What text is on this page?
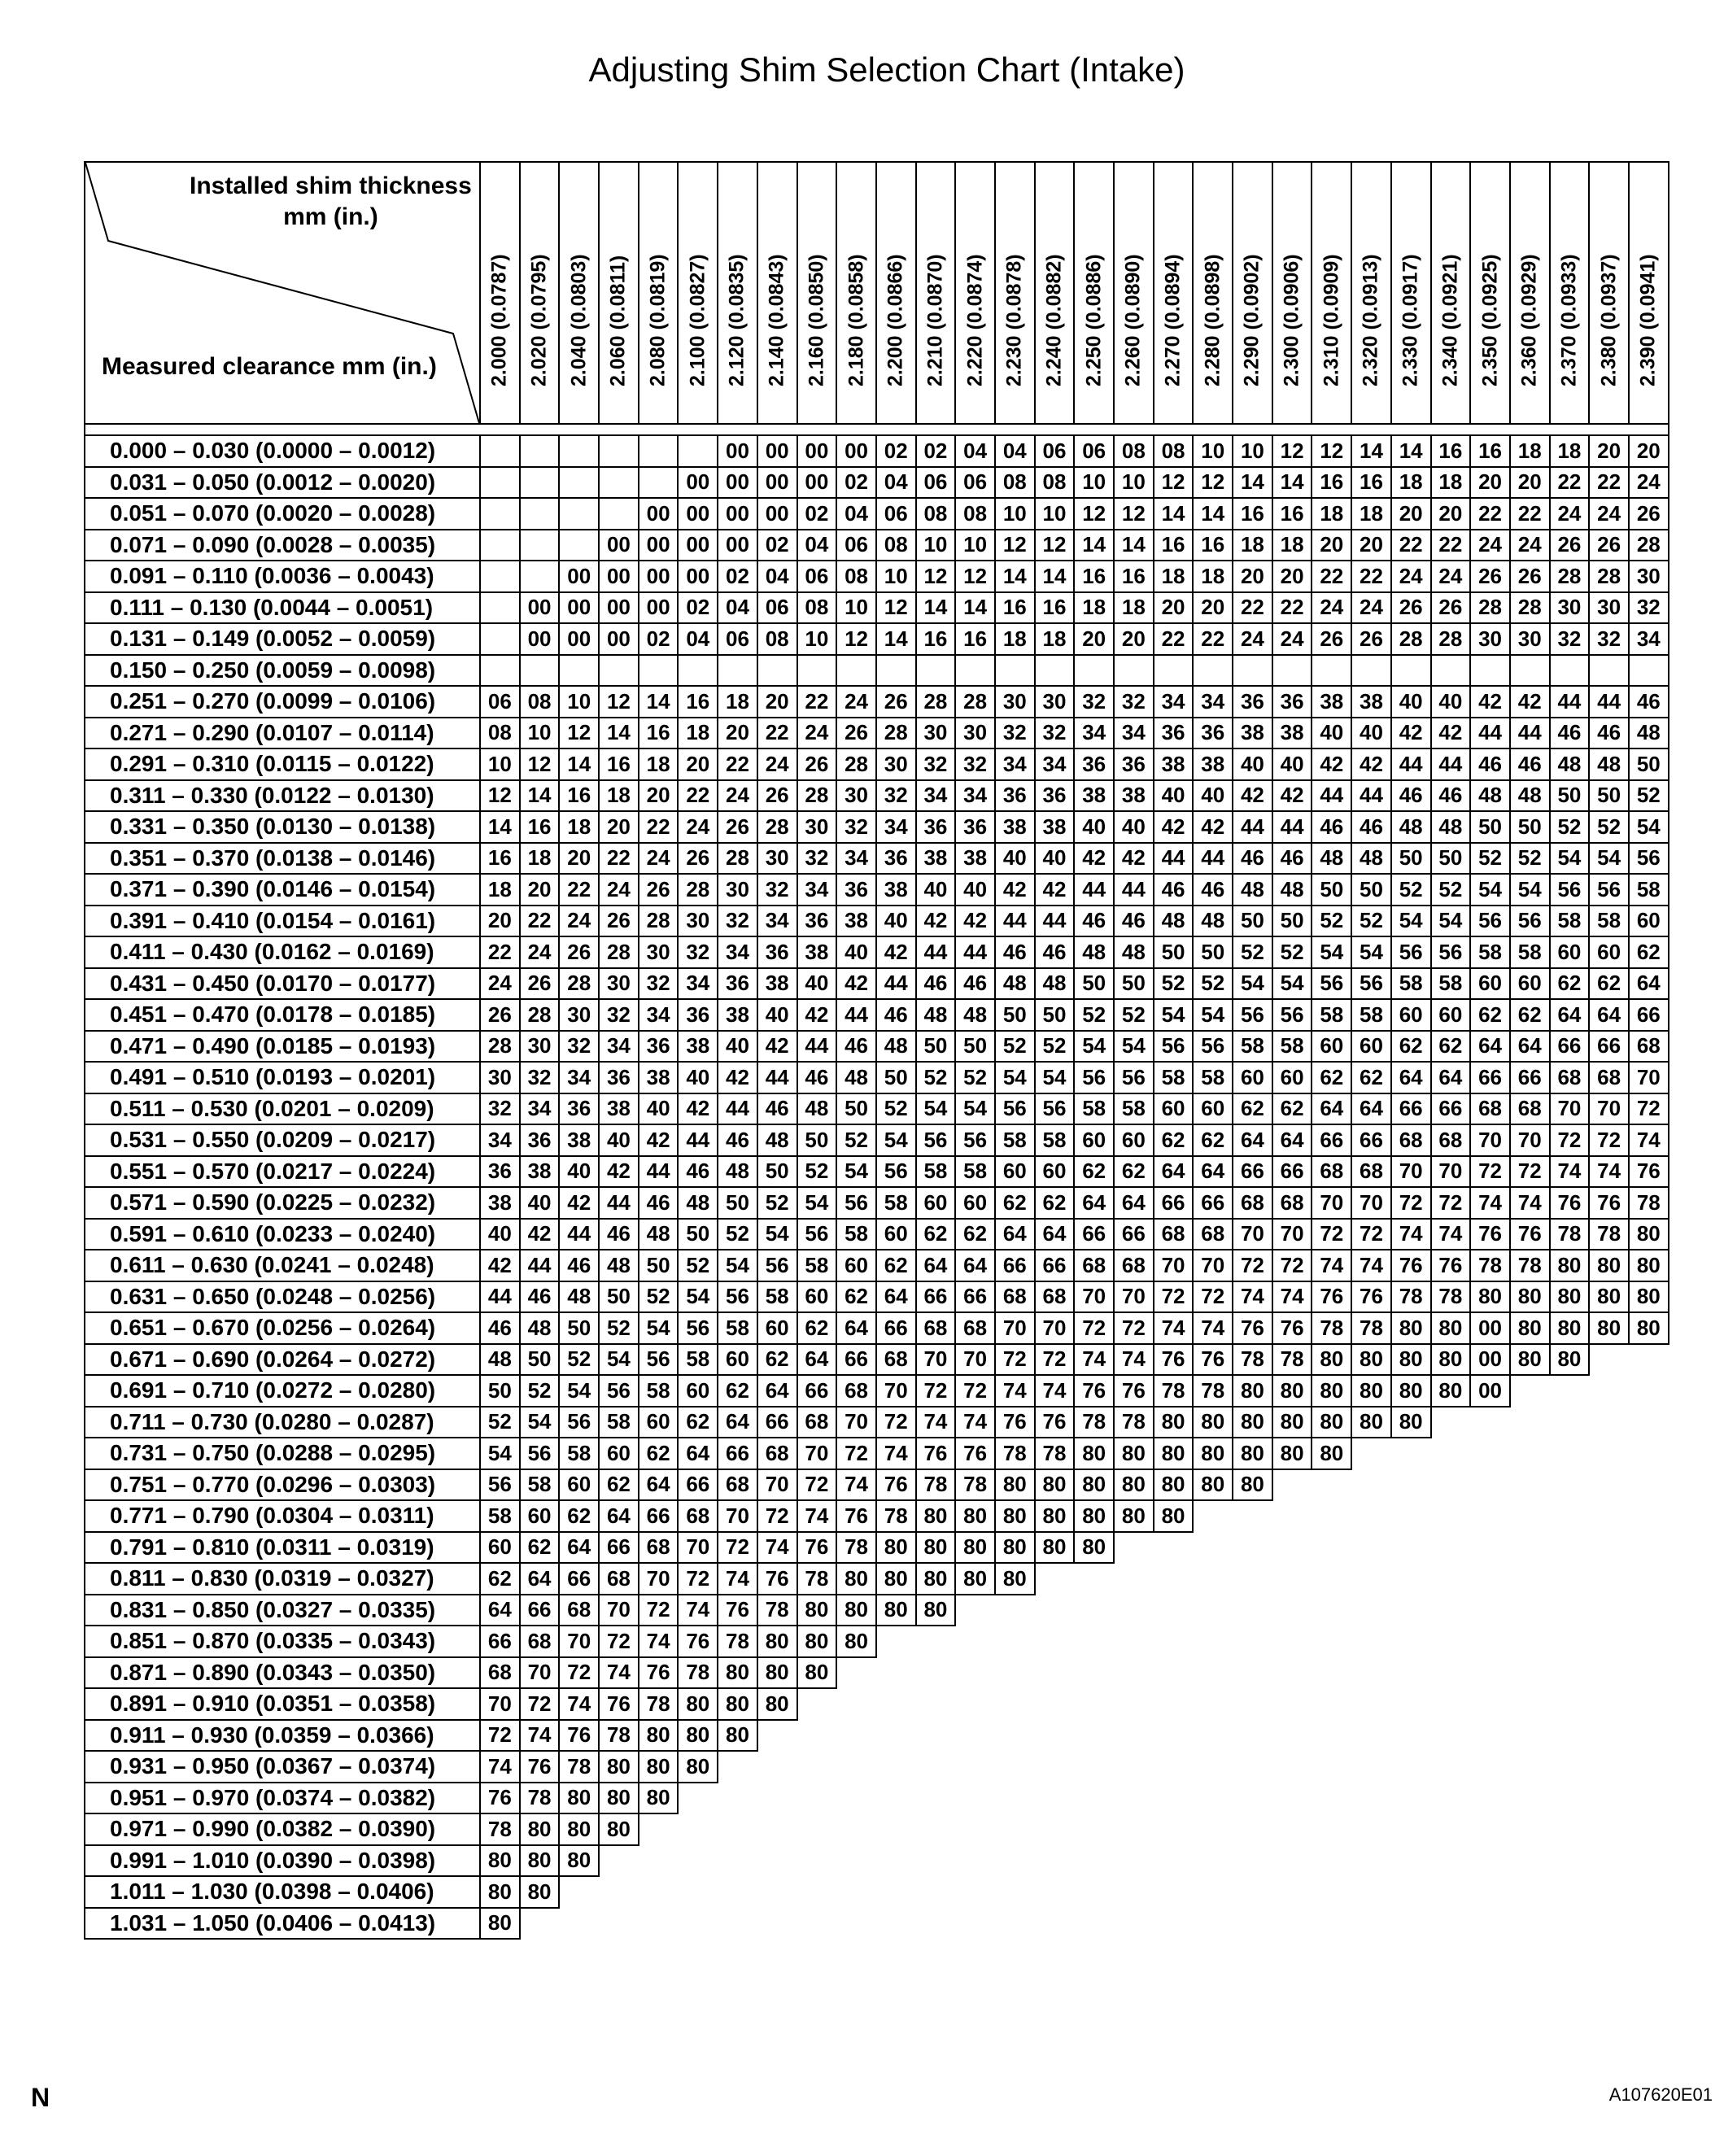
Adjusting Shim Selection Chart (Intake)
Installed shim thickness
mm (in.)
Measured clearance mm (in.)	2.000 (0.0787)	2.020 (0.0795)	2.040 (0.0803)	2.060 (0.0811)	2.080 (0.0819)	2.100 (0.0827)	2.120 (0.0835)	2.140 (0.0843)	2.160 (0.0850)	2.180 (0.0858)	2.200 (0.0866)	2.210 (0.0870)	2.220 (0.0874)	2.230 (0.0878)	2.240 (0.0882)	2.250 (0.0886)	2.260 (0.0890)	2.270 (0.0894)	2.280 (0.0898)	2.290 (0.0902)	2.300 (0.0906)	2.310 (0.0909)	2.320 (0.0913)	2.330 (0.0917)	2.340 (0.0921)	2.350 (0.0925)	2.360 (0.0929)	2.370 (0.0933)	2.380 (0.0937)	2.390 (0.0941)

0.000 – 0.030 (0.0000 – 0.0012)							00	00	00	00	02	02	04	04	06	06	08	08	10	10	12	12	14	14	16	16	18	18	20	20
0.031 – 0.050 (0.0012 – 0.0020)						00	00	00	00	02	04	06	06	08	08	10	10	12	12	14	14	16	16	18	18	20	20	22	22	24
0.051 – 0.070 (0.0020 – 0.0028)					00	00	00	00	02	04	06	08	08	10	10	12	12	14	14	16	16	18	18	20	20	22	22	24	24	26
0.071 – 0.090 (0.0028 – 0.0035)				00	00	00	00	02	04	06	08	10	10	12	12	14	14	16	16	18	18	20	20	22	22	24	24	26	26	28
0.091 – 0.110 (0.0036 – 0.0043)			00	00	00	00	02	04	06	08	10	12	12	14	14	16	16	18	18	20	20	22	22	24	24	26	26	28	28	30
0.111 – 0.130 (0.0044 – 0.0051)		00	00	00	00	02	04	06	08	10	12	14	14	16	16	18	18	20	20	22	22	24	24	26	26	28	28	30	30	32
0.131 – 0.149 (0.0052 – 0.0059)		00	00	00	02	04	06	08	10	12	14	16	16	18	18	20	20	22	22	24	24	26	26	28	28	30	30	32	32	34
0.150 – 0.250 (0.0059 – 0.0098)																														
0.251 – 0.270 (0.0099 – 0.0106)	06	08	10	12	14	16	18	20	22	24	26	28	28	30	30	32	32	34	34	36	36	38	38	40	40	42	42	44	44	46
0.271 – 0.290 (0.0107 – 0.0114)	08	10	12	14	16	18	20	22	24	26	28	30	30	32	32	34	34	36	36	38	38	40	40	42	42	44	44	46	46	48
0.291 – 0.310 (0.0115 – 0.0122)	10	12	14	16	18	20	22	24	26	28	30	32	32	34	34	36	36	38	38	40	40	42	42	44	44	46	46	48	48	50
0.311 – 0.330 (0.0122 – 0.0130)	12	14	16	18	20	22	24	26	28	30	32	34	34	36	36	38	38	40	40	42	42	44	44	46	46	48	48	50	50	52
0.331 – 0.350 (0.0130 – 0.0138)	14	16	18	20	22	24	26	28	30	32	34	36	36	38	38	40	40	42	42	44	44	46	46	48	48	50	50	52	52	54
0.351 – 0.370 (0.0138 – 0.0146)	16	18	20	22	24	26	28	30	32	34	36	38	38	40	40	42	42	44	44	46	46	48	48	50	50	52	52	54	54	56
0.371 – 0.390 (0.0146 – 0.0154)	18	20	22	24	26	28	30	32	34	36	38	40	40	42	42	44	44	46	46	48	48	50	50	52	52	54	54	56	56	58
0.391 – 0.410 (0.0154 – 0.0161)	20	22	24	26	28	30	32	34	36	38	40	42	42	44	44	46	46	48	48	50	50	52	52	54	54	56	56	58	58	60
0.411 – 0.430 (0.0162 – 0.0169)	22	24	26	28	30	32	34	36	38	40	42	44	44	46	46	48	48	50	50	52	52	54	54	56	56	58	58	60	60	62
0.431 – 0.450 (0.0170 – 0.0177)	24	26	28	30	32	34	36	38	40	42	44	46	46	48	48	50	50	52	52	54	54	56	56	58	58	60	60	62	62	64
0.451 – 0.470 (0.0178 – 0.0185)	26	28	30	32	34	36	38	40	42	44	46	48	48	50	50	52	52	54	54	56	56	58	58	60	60	62	62	64	64	66
0.471 – 0.490 (0.0185 – 0.0193)	28	30	32	34	36	38	40	42	44	46	48	50	50	52	52	54	54	56	56	58	58	60	60	62	62	64	64	66	66	68
0.491 – 0.510 (0.0193 – 0.0201)	30	32	34	36	38	40	42	44	46	48	50	52	52	54	54	56	56	58	58	60	60	62	62	64	64	66	66	68	68	70
0.511 – 0.530 (0.0201 – 0.0209)	32	34	36	38	40	42	44	46	48	50	52	54	54	56	56	58	58	60	60	62	62	64	64	66	66	68	68	70	70	72
0.531 – 0.550 (0.0209 – 0.0217)	34	36	38	40	42	44	46	48	50	52	54	56	56	58	58	60	60	62	62	64	64	66	66	68	68	70	70	72	72	74
0.551 – 0.570 (0.0217 – 0.0224)	36	38	40	42	44	46	48	50	52	54	56	58	58	60	60	62	62	64	64	66	66	68	68	70	70	72	72	74	74	76
0.571 – 0.590 (0.0225 – 0.0232)	38	40	42	44	46	48	50	52	54	56	58	60	60	62	62	64	64	66	66	68	68	70	70	72	72	74	74	76	76	78
0.591 – 0.610 (0.0233 – 0.0240)	40	42	44	46	48	50	52	54	56	58	60	62	62	64	64	66	66	68	68	70	70	72	72	74	74	76	76	78	78	80
0.611 – 0.630 (0.0241 – 0.0248)	42	44	46	48	50	52	54	56	58	60	62	64	64	66	66	68	68	70	70	72	72	74	74	76	76	78	78	80	80	80
0.631 – 0.650 (0.0248 – 0.0256)	44	46	48	50	52	54	56	58	60	62	64	66	66	68	68	70	70	72	72	74	74	76	76	78	78	80	80	80	80	80
0.651 – 0.670 (0.0256 – 0.0264)	46	48	50	52	54	56	58	60	62	64	66	68	68	70	70	72	72	74	74	76	76	78	78	80	80	00	80	80	80	80
0.671 – 0.690 (0.0264 – 0.0272)	48	50	52	54	56	58	60	62	64	66	68	70	70	72	72	74	74	76	76	78	78	80	80	80	80	00	80	80		
0.691 – 0.710 (0.0272 – 0.0280)	50	52	54	56	58	60	62	64	66	68	70	72	72	74	74	76	76	78	78	80	80	80	80	80	80	00				
0.711 – 0.730 (0.0280 – 0.0287)	52	54	56	58	60	62	64	66	68	70	72	74	74	76	76	78	78	80	80	80	80	80	80	80						
0.731 – 0.750 (0.0288 – 0.0295)	54	56	58	60	62	64	66	68	70	72	74	76	76	78	78	80	80	80	80	80	80	80								
0.751 – 0.770 (0.0296 – 0.0303)	56	58	60	62	64	66	68	70	72	74	76	78	78	80	80	80	80	80	80	80										
0.771 – 0.790 (0.0304 – 0.0311)	58	60	62	64	66	68	70	72	74	76	78	80	80	80	80	80	80	80												
0.791 – 0.810 (0.0311 – 0.0319)	60	62	64	66	68	70	72	74	76	78	80	80	80	80	80	80														
0.811 – 0.830 (0.0319 – 0.0327)	62	64	66	68	70	72	74	76	78	80	80	80	80	80																
0.831 – 0.850 (0.0327 – 0.0335)	64	66	68	70	72	74	76	78	80	80	80	80																		
0.851 – 0.870 (0.0335 – 0.0343)	66	68	70	72	74	76	78	80	80	80																				
0.871 – 0.890 (0.0343 – 0.0350)	68	70	72	74	76	78	80	80	80																					
0.891 – 0.910 (0.0351 – 0.0358)	70	72	74	76	78	80	80	80																						
0.911 – 0.930 (0.0359 – 0.0366)	72	74	76	78	80	80	80																							
0.931 – 0.950 (0.0367 – 0.0374)	74	76	78	80	80	80																								
0.951 – 0.970 (0.0374 – 0.0382)	76	78	80	80	80																									
0.971 – 0.990 (0.0382 – 0.0390)	78	80	80	80																										
0.991 – 1.010 (0.0390 – 0.0398)	80	80	80																											
1.011 – 1.030 (0.0398 – 0.0406)	80	80																												
1.031 – 1.050 (0.0406 – 0.0413)	80																													
N	A107620E01
